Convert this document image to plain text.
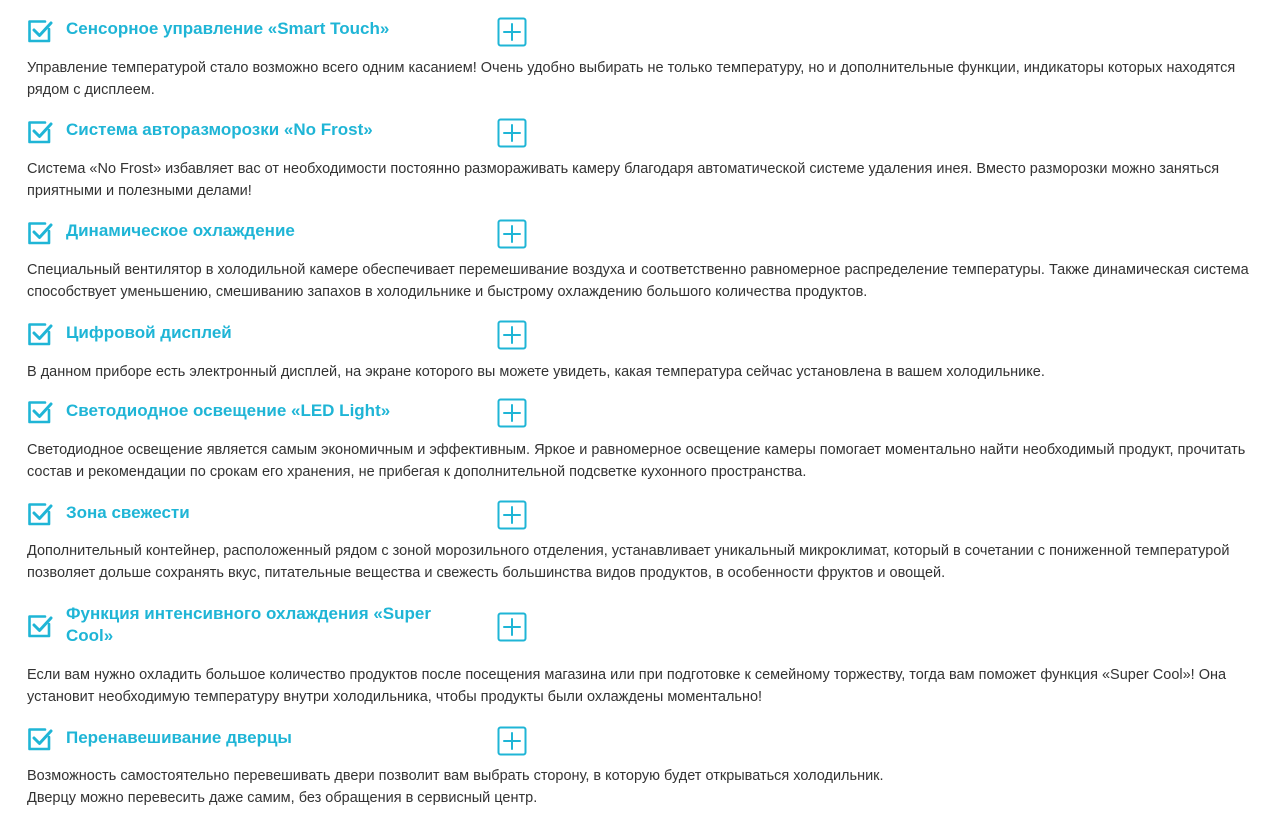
Сенсорное управление «Smart Touch»

Управление температурой стало возможно всего одним касанием! Очень удобно выбирать не только температуру, но и дополнительные функции, индикаторы которых находятся рядом с дисплеем.

Система авторазморозки «No Frost»

Система «No Frost» избавляет вас от необходимости постоянно размораживать камеру благодаря автоматической системе удаления инея. Вместо разморозки можно заняться приятными и полезными делами!

Динамическое охлаждение

Специальный вентилятор в холодильной камере обеспечивает перемешивание воздуха и соответственно равномерное распределение температуры. Также динамическая система способствует уменьшению, смешиванию запахов в холодильнике и быстрому охлаждению большого количества продуктов.

Цифровой дисплей

В данном приборе есть электронный дисплей, на экране которого вы можете увидеть, какая температура сейчас установлена в вашем холодильнике.

Светодиодное освещение «LED Light»

Светодиодное освещение является самым экономичным и эффективным. Яркое и равномерное освещение камеры помогает моментально найти необходимый продукт, прочитать состав и рекомендации по срокам его хранения, не прибегая к дополнительной подсветке кухонного пространства.

Зона свежести

Дополнительный контейнер, расположенный рядом с зоной морозильного отделения, устанавливает уникальный микроклимат, который в сочетании с пониженной температурой позволяет дольше сохранять вкус, питательные вещества и свежесть большинства видов продуктов, в особенности фруктов и овощей.

Функция интенсивного охлаждения «Super Cool»

Если вам нужно охладить большое количество продуктов после посещения магазина или при подготовке к семейному торжеству, тогда вам поможет функция «Super Cool»! Она установит необходимую температуру внутри холодильника, чтобы продукты были охлаждены моментально!

Перенавешивание дверцы

Возможность самостоятельно перевешивать двери позволит вам выбрать сторону, в которую будет открываться холодильник.
Дверцу можно перевесить даже самим, без обращения в сервисный центр.
